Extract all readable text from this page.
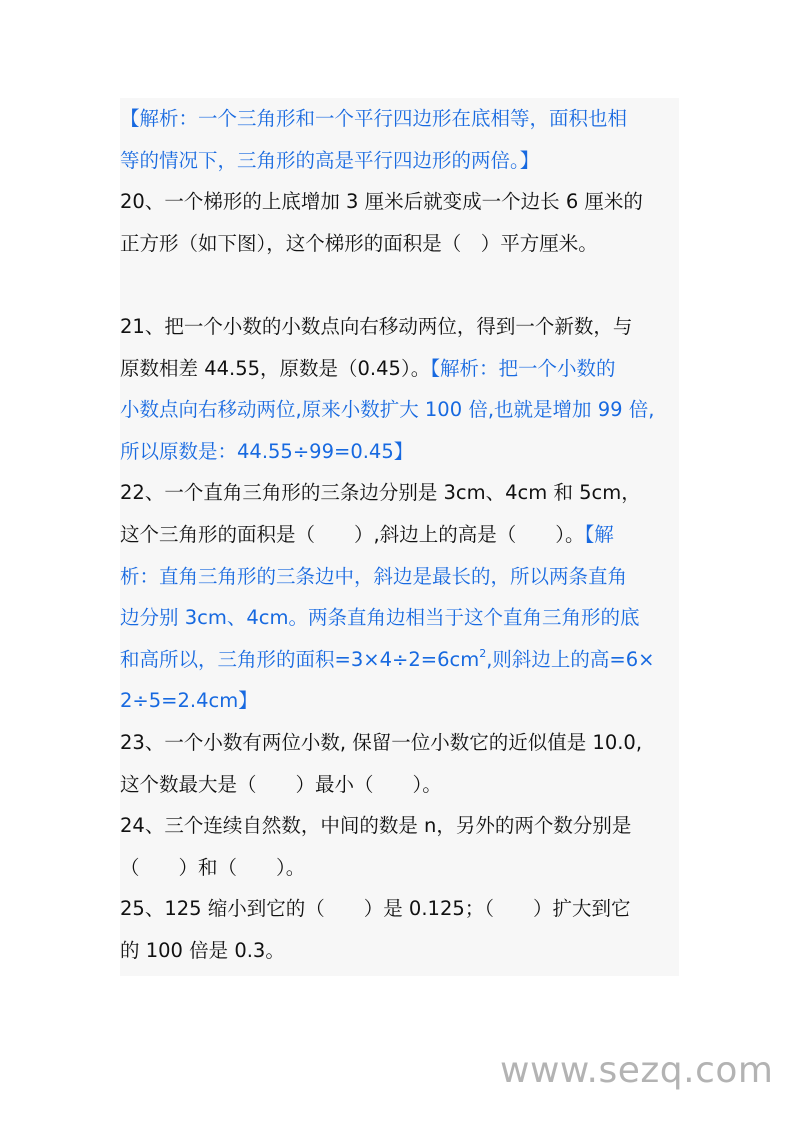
【解析：一个三角形和一个平行四边形在底相等，面积也相
等的情况下，三角形的高是平行四边形的两倍。】
20、一个梯形的上底增加 3 厘米后就变成一个边长 6 厘米的
正方形（如下图），这个梯形的面积是（　）平方厘米。
21、把一个小数的小数点向右移动两位，得到一个新数，与
原数相差 44.55，原数是（0.45）。【解析：把一个小数的
小数点向右移动两位,原来小数扩大 100 倍,也就是增加 99 倍,
所以原数是：44.55÷99=0.45】
22、一个直角三角形的三条边分别是 3cm、4cm 和 5cm，
这个三角形的面积是（　　）,斜边上的高是（　　）。【解
析：直角三角形的三条边中，斜边是最长的，所以两条直角
边分别 3cm、4cm。两条直角边相当于这个直角三角形的底
和高所以，三角形的面积$=3\times 4\div 2=6cm^2$,则斜边上的高=6×
2÷5=2.4cm】
23、一个小数有两位小数, 保留一位小数它的近似值是 10.0,
这个数最大是（　　）最小（　　）。
24、三个连续自然数，中间的数是 n，另外的两个数分别是
（　　）和（　　）。
25、125 缩小到它的（　　）是 0.125；（　　）扩大到它
的 100 倍是 0.3。
www.sezq.com
